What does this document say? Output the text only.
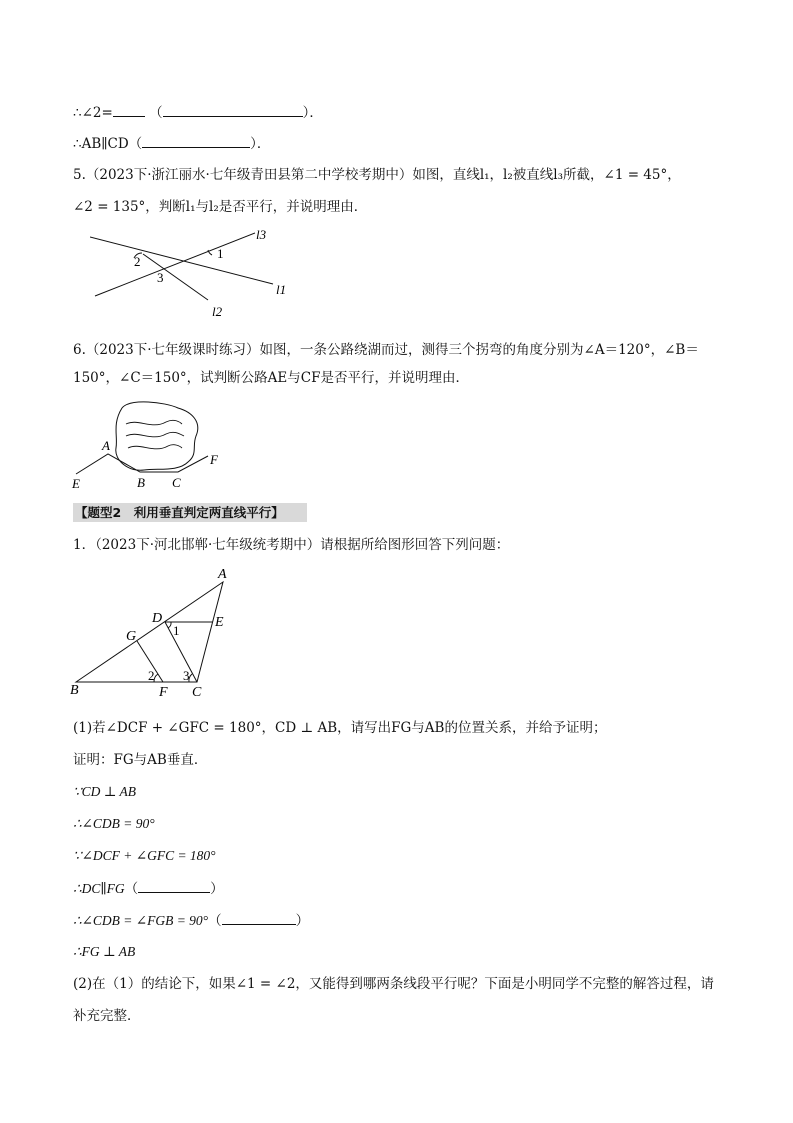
∴∠2=	（	）．
∴AB∥CD（	）．
5.（2023下·浙江丽水·七年级青田县第二中学校考期中）如图，直线l₁，l₂被直线l₃所截，∠1 = 45°，
∠2 = 135°，判断l₁与l₂是否平行，并说明理由．
l3
l1
l2
1
2
3
6.（2023下·七年级课时练习）如图，一条公路绕湖而过，测得三个拐弯的角度分别为∠A＝120°，∠B＝
150°，∠C＝150°，试判断公路AE与CF是否平行，并说明理由．
A
E	B C
F
【题型2　利用垂直判定两直线平行】
1．（2023下·河北邯郸·七年级统考期中）请根据所给图形回答下列问题：
A
D	E
G
B	F C
1
2 3
(1)若∠DCF + ∠GFC = 180°，CD ⊥ AB，请写出FG与AB的位置关系，并给予证明；
证明：FG与AB垂直．
∵CD ⊥ AB
∴∠CDB = 90°
∵∠DCF + ∠GFC = 180°
∴DC∥FG（	）
∴∠CDB = ∠FGB = 90°（	）
∴FG ⊥ AB
(2)在（1）的结论下，如果∠1 = ∠2，又能得到哪两条线段平行呢？下面是小明同学不完整的解答过程，请
补充完整．
